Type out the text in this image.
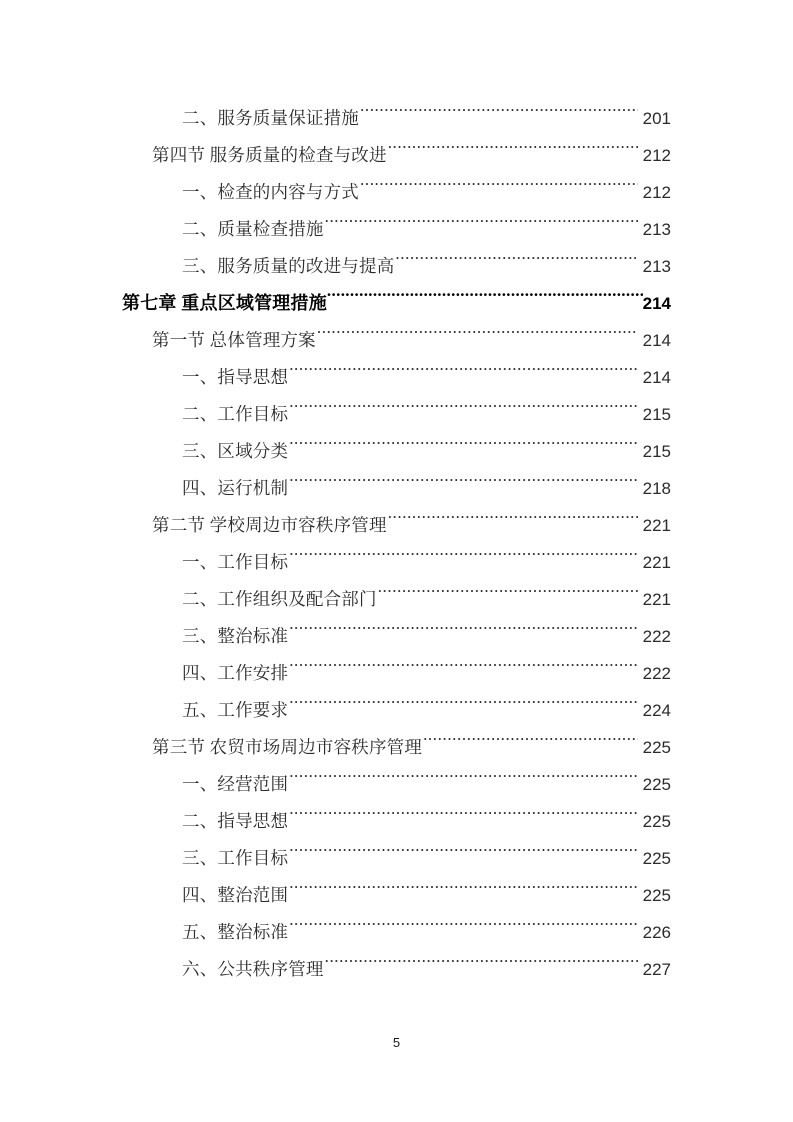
二、服务质量保证措施 .....	201
第四节 服务质量的检查与改进 .....	212
一、检查的内容与方式 .....	212
二、质量检查措施 .....	213
三、服务质量的改进与提高 .....	213
第七章 重点区域管理措施 .....	214
第一节 总体管理方案 .....	214
一、指导思想 .....	214
二、工作目标 .....	215
三、区域分类 .....	215
四、运行机制 .....	218
第二节 学校周边市容秩序管理 .....	221
一、工作目标 .....	221
二、工作组织及配合部门 .....	221
三、整治标准 .....	222
四、工作安排 .....	222
五、工作要求 .....	224
第三节 农贸市场周边市容秩序管理 .....	225
一、经营范围 .....	225
二、指导思想 .....	225
三、工作目标 .....	225
四、整治范围 .....	225
五、整治标准 .....	226
六、公共秩序管理 .....	227
5
